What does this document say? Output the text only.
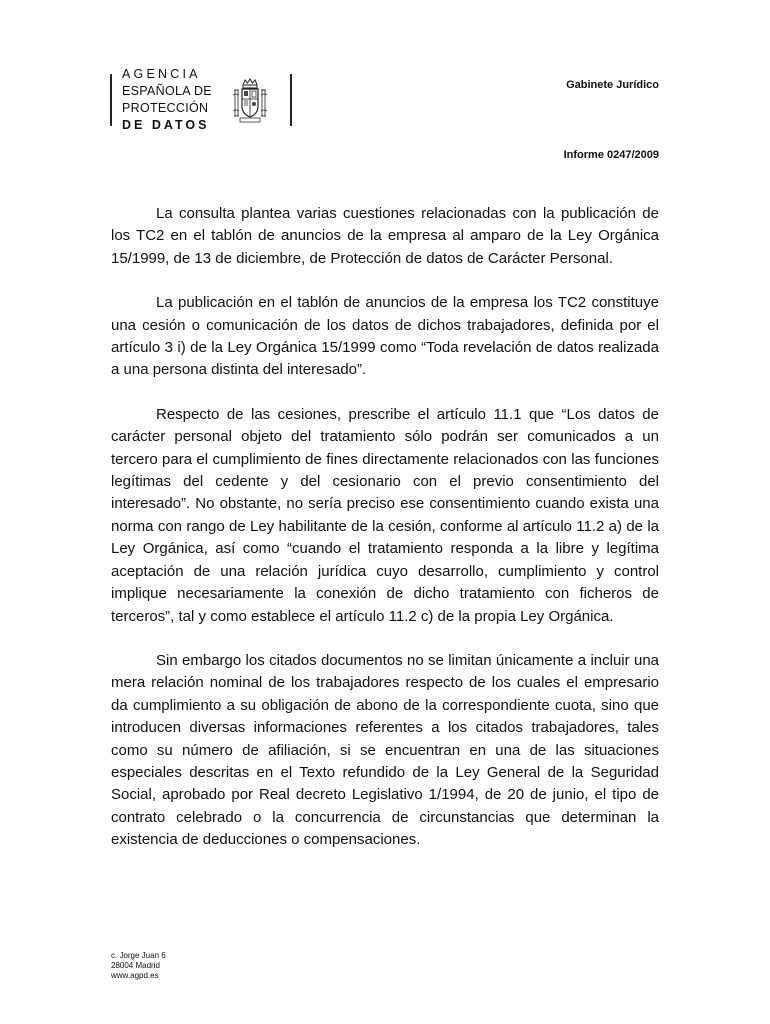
AGENCIA
ESPAÑOLA DE
PROTECCIÓN
DE DATOS
Gabinete Jurídico
Informe 0247/2009

La consulta plantea varias cuestiones relacionadas con la publicación de los TC2 en el tablón de anuncios de la empresa al amparo de la Ley Orgánica 15/1999, de 13 de diciembre, de Protección de datos de Carácter Personal.

La publicación en el tablón de anuncios de la empresa los TC2 constituye una cesión o comunicación de los datos de dichos trabajadores, definida por el artículo 3 i) de la Ley Orgánica 15/1999 como “Toda revelación de datos realizada a una persona distinta del interesado”.

Respecto de las cesiones, prescribe el artículo 11.1 que “Los datos de carácter personal objeto del tratamiento sólo podrán ser comunicados a un tercero para el cumplimiento de fines directamente relacionados con las funciones legítimas del cedente y del cesionario con el previo consentimiento del interesado”. No obstante, no sería preciso ese consentimiento cuando exista una norma con rango de Ley habilitante de la cesión, conforme al artículo 11.2 a) de la Ley Orgánica, así como “cuando el tratamiento responda a la libre y legítima aceptación de una relación jurídica cuyo desarrollo, cumplimiento y control implique necesariamente la conexión de dicho tratamiento con ficheros de terceros”, tal y como establece el artículo 11.2 c) de la propia Ley Orgánica.

Sin embargo los citados documentos no se limitan únicamente a incluir una mera relación nominal de los trabajadores respecto de los cuales el empresario da cumplimiento a su obligación de abono de la correspondiente cuota, sino que introducen diversas informaciones referentes a los citados trabajadores, tales como su número de afiliación, si se encuentran en una de las situaciones especiales descritas en el Texto refundido de la Ley General de la Seguridad Social, aprobado por Real decreto Legislativo 1/1994, de 20 de junio, el tipo de contrato celebrado o la concurrencia de circunstancias que determinan la existencia de deducciones o compensaciones.

c. Jorge Juan 6
28004 Madrid
www.agpd.es
